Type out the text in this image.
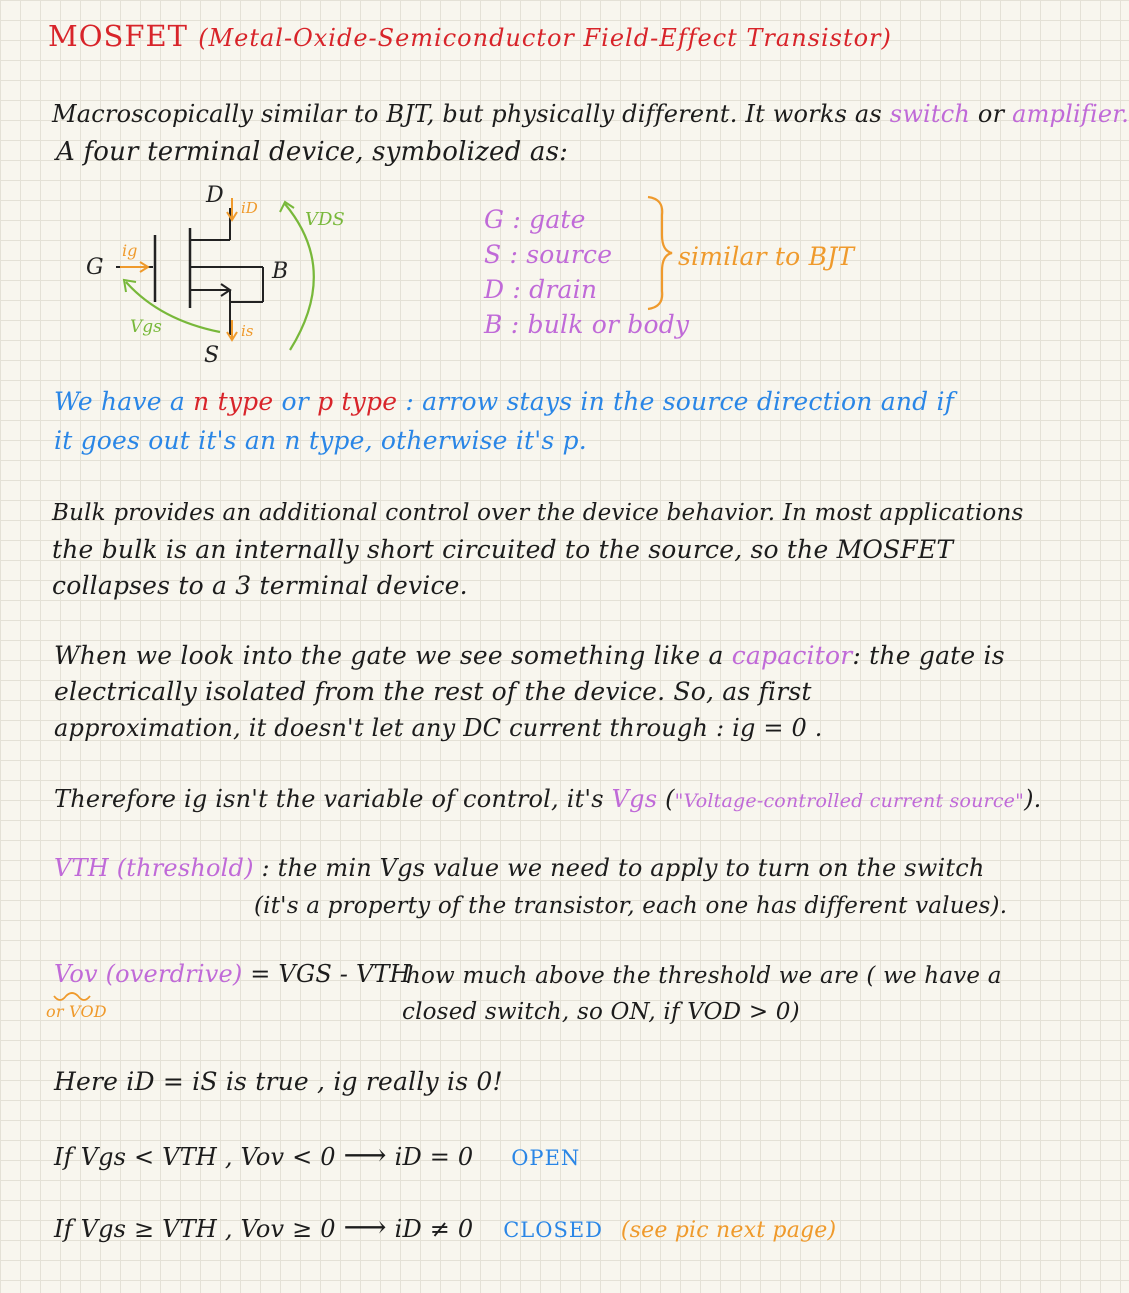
MOSFET (Metal-Oxide-Semiconductor Field-Effect Transistor)
Macroscopically similar to BJT, but physically different. It works as switch or amplifier.
A four terminal device, symbolized as:
D
G
S
B
iD
ig
is
VDS
Vgs
G : gate
S : source
D : drain
B : bulk or body
similar to BJT
We have a n type or p type : arrow stays in the source direction and if
it goes out it's an n type, otherwise it's p.
Bulk provides an additional control over the device behavior. In most applications
the bulk is an internally short circuited to the source, so the MOSFET
collapses to a 3 terminal device.
When we look into the gate we see something like a capacitor: the gate is
electrically isolated from the rest of the device. So, as first
approximation, it doesn't let any DC current through : ig = 0 .
Therefore ig isn't the variable of control, it's Vgs ("Voltage-controlled current source").
VTH (threshold) : the min Vgs value we need to apply to turn on the switch
(it's a property of the transistor, each one has different values).
Vov (overdrive) = VGS - VTH
or VOD
how much above the threshold we are ( we have a
closed switch, so ON, if VOD > 0)
Here iD = iS is true , ig really is 0!
If Vgs < VTH , Vov < 0 ⟶ iD = 0 OPEN
If Vgs ≥ VTH , Vov ≥ 0 ⟶ iD ≠ 0 CLOSED (see pic next page)
